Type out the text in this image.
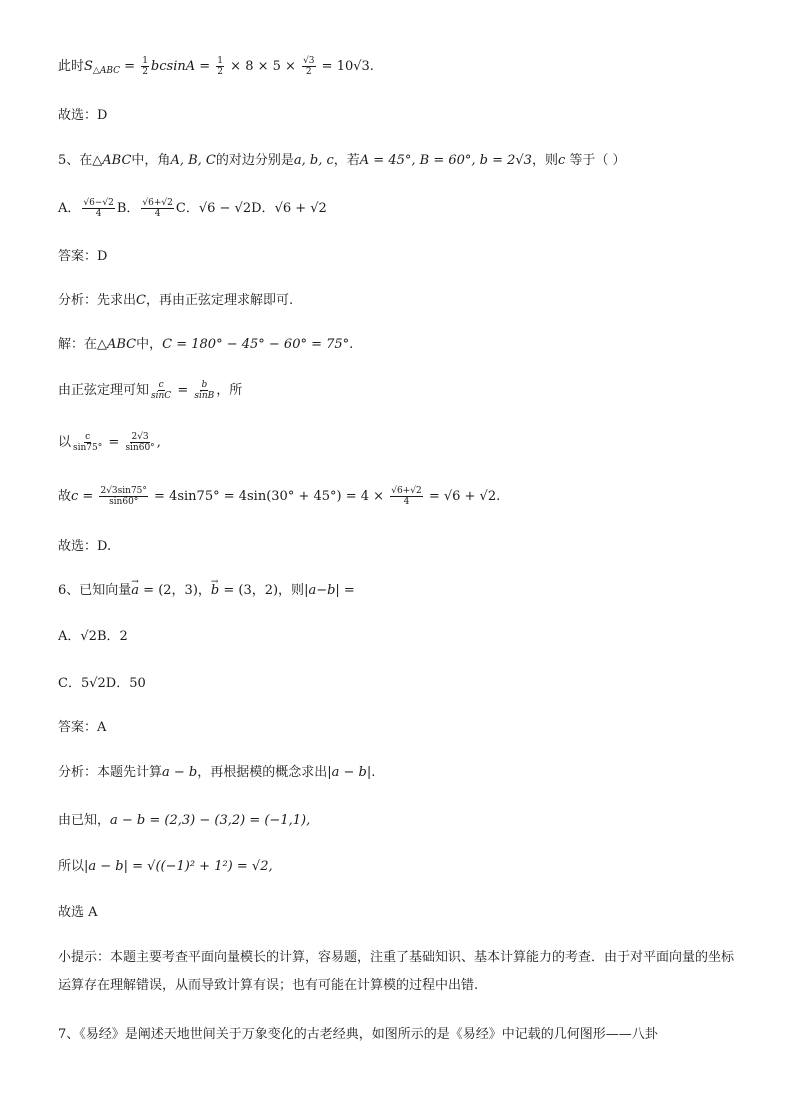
此时$S_{\triangle ABC} = \frac{1}{2}$ $bcsinA = \frac{1}{2} \times 8 \times 5 \times \frac{√3}{2} = 10√3$.
故选：D
5、在△ABC中，角A, B, C的对边分别是a, b, c，若A = 45°, B = 60°, b = 2√3，则c 等于（ ）
A． $\frac{√6-√2}{4}$ B． $\frac{√6+√2}{4}$ C．√6 − √2D．√6 + √2
答案：D
分析：先求出C，再由正弦定理求解即可.
解：在△ABC中，C = 180° − 45° − 60° = 75°.
由正弦定理可知 $\frac{c}{\sin C} = \frac{b}{\sin B}$ ，所
以 $\frac{c}{\sin 75^\circ} = \frac{2√3}{\sin 60^\circ}$ ,
故$c = \frac{2√3\sin 75^\circ}{\sin 60^\circ} = 4\sin 75^\circ = 4\sin(30^\circ + 45^\circ) = 4 \times \frac{√6+√2}{4} = √6 + √2$.
故选：D.
6、已知向量→ a = (2，3)，→ b = (3，2)，则|a−b| =
A．√2B．2
C．5√2D．50
答案：A
分析：本题先计算a − b，再根据模的概念求出|a − b|.
由已知，a − b = (2,3) − (3,2) = (−1,1),
所以|a − b| = √((−1)² + 1²) = √2,
故选 A
小提示：本题主要考查平面向量模长的计算，容易题，注重了基础知识、基本计算能力的考查．由于对平面向量的坐标运算存在理解错误，从而导致计算有误；也有可能在计算模的过程中出错.
7、《易经》是阐述天地世间关于万象变化的古老经典，如图所示的是《易经》中记载的几何图形——八卦
